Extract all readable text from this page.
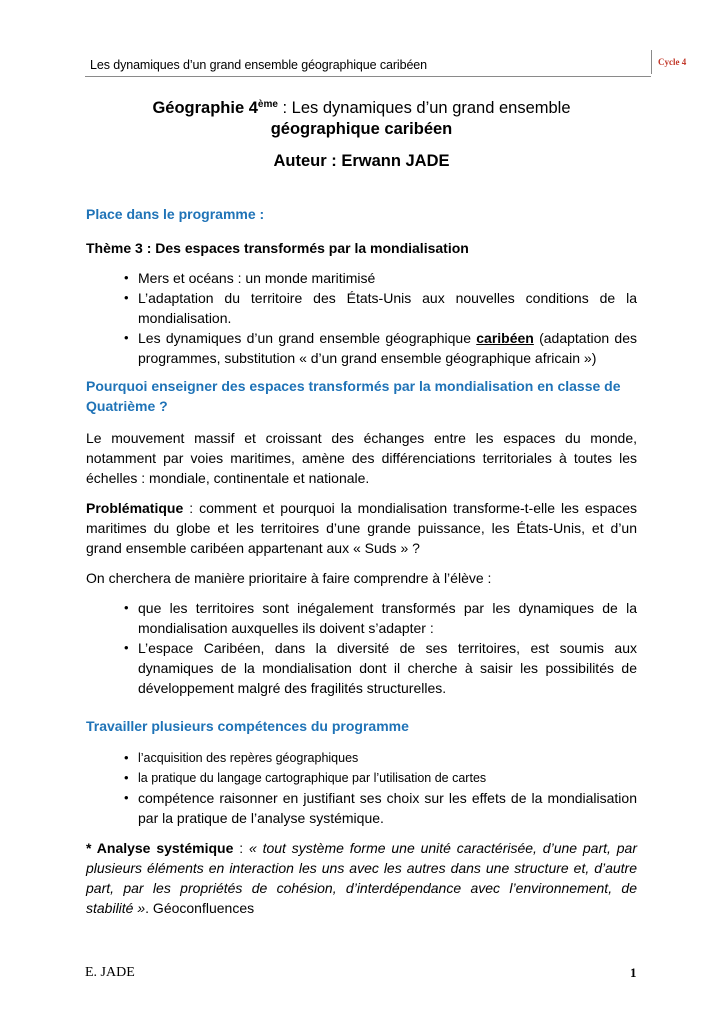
Les dynamiques d’un grand ensemble géographique caribéen	Cycle 4
Géographie 4ème : Les dynamiques d’un grand ensemble
géographique caribéen
Auteur : Erwann JADE
Place dans le programme :

Thème 3 : Des espaces transformés par la mondialisation

• Mers et océans : un monde maritimisé
• L’adaptation du territoire des États-Unis aux nouvelles conditions de la mondialisation.
• Les dynamiques d’un grand ensemble géographique caribéen (adaptation des programmes, substitution « d’un grand ensemble géographique africain »)
Pourquoi enseigner des espaces transformés par la mondialisation en classe de Quatrième ?

Le mouvement massif et croissant des échanges entre les espaces du monde, notamment par voies maritimes, amène des différenciations territoriales à toutes les échelles : mondiale, continentale et nationale.

Problématique : comment et pourquoi la mondialisation transforme-t-elle les espaces maritimes du globe et les territoires d’une grande puissance, les États-Unis, et d’un grand ensemble caribéen appartenant aux « Suds » ?

On cherchera de manière prioritaire à faire comprendre à l’élève :

• que les territoires sont inégalement transformés par les dynamiques de la mondialisation auxquelles ils doivent s’adapter :
• L’espace Caribéen, dans la diversité de ses territoires, est soumis aux dynamiques de la mondialisation dont il cherche à saisir les possibilités de développement malgré des fragilités structurelles.
Travailler plusieurs compétences du programme
• l’acquisition des repères géographiques
• la pratique du langage cartographique par l’utilisation de cartes
• compétence raisonner en justifiant ses choix sur les effets de la mondialisation par la pratique de l’analyse systémique.

* Analyse systémique : « tout système forme une unité caractérisée, d’une part, par plusieurs éléments en interaction les uns avec les autres dans une structure et, d’autre part, par les propriétés de cohésion, d’interdépendance avec l’environnement, de stabilité ». Géoconfluences

E. JADE	1
